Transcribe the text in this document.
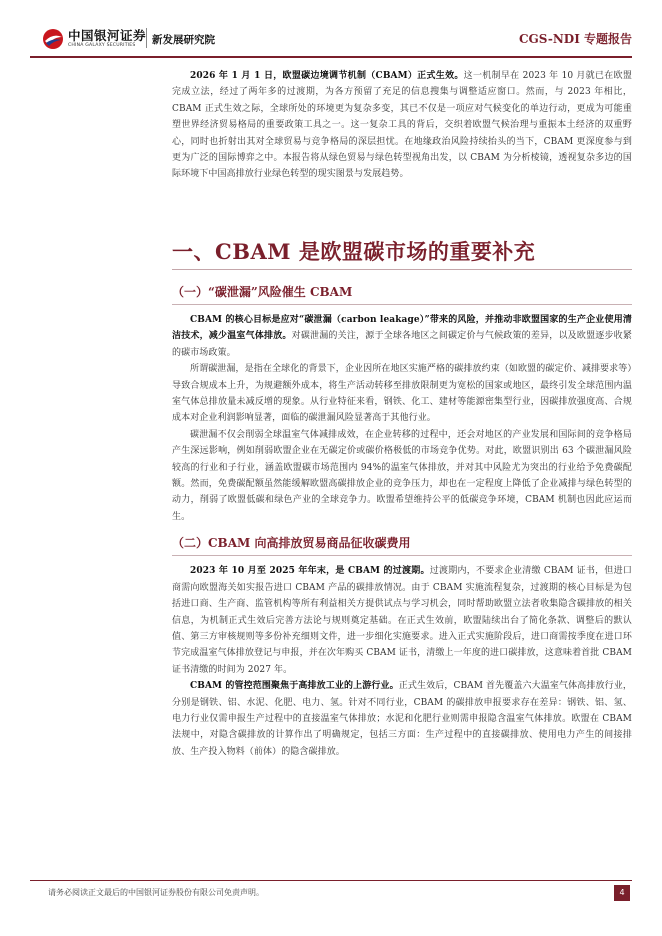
中国银河证券
CHINA GALAXY SECURITIES 新发展研究院	CGS-NDI 专题报告

2026 年 1 月 1 日，欧盟碳边境调节机制（CBAM）正式生效。这一机制早在 2023 年 10 月就已在欧盟完成立法，经过了两年多的过渡期，为各方预留了充足的信息搜集与调整适应窗口。然而，与 2023 年相比，CBAM 正式生效之际，全球所处的环境更为复杂多变，其已不仅是一项应对气候变化的单边行动，更成为可能重塑世界经济贸易格局的重要政策工具之一。这一复杂工具的背后，交织着欧盟气候治理与重振本土经济的双重野心，同时也折射出其对全球贸易与竞争格局的深层担忧。在地缘政治风险持续抬头的当下，CBAM 更深度参与到更为广泛的国际博弈之中。本报告将从绿色贸易与绿色转型视角出发，以 CBAM 为分析棱镜，透视复杂多边的国际环境下中国高排放行业绿色转型的现实图景与发展趋势。

一、CBAM 是欧盟碳市场的重要补充
（一）“碳泄漏”风险催生 CBAM

CBAM 的核心目标是应对“碳泄漏（carbon leakage）”带来的风险，并推动非欧盟国家的生产企业使用清洁技术，减少温室气体排放。对碳泄漏的关注，源于全球各地区之间碳定价与气候政策的差异，以及欧盟逐步收紧的碳市场政策。

所谓碳泄漏，是指在全球化的背景下，企业因所在地区实施严格的碳排放约束（如欧盟的碳定价、减排要求等）导致合规成本上升，为规避额外成本，将生产活动转移至排放限制更为宽松的国家或地区，最终引发全球范围内温室气体总排放量未减反增的现象。从行业特征来看，钢铁、化工、建材等能源密集型行业，因碳排放强度高、合规成本对企业利润影响显著，面临的碳泄漏风险显著高于其他行业。

碳泄漏不仅会削弱全球温室气体减排成效，在企业转移的过程中，还会对地区的产业发展和国际间的竞争格局产生深远影响，例如削弱欧盟企业在无碳定价或碳价格极低的市场竞争优势。对此，欧盟识别出 63 个碳泄漏风险较高的行业和子行业，涵盖欧盟碳市场范围内 94%的温室气体排放，并对其中风险尤为突出的行业给予免费碳配额。然而，免费碳配额虽然能缓解欧盟高碳排放企业的竞争压力，却也在一定程度上降低了企业减排与绿色转型的动力，削弱了欧盟低碳和绿色产业的全球竞争力。欧盟希望维持公平的低碳竞争环境，CBAM 机制也因此应运而生。

（二）CBAM 向高排放贸易商品征收碳费用

2023 年 10 月至 2025 年年末，是 CBAM 的过渡期。过渡期内，不要求企业清缴 CBAM 证书，但进口商需向欧盟海关如实报告进口 CBAM 产品的碳排放情况。由于 CBAM 实施流程复杂，过渡期的核心目标是为包括进口商、生产商、监管机构等所有利益相关方提供试点与学习机会，同时帮助欧盟立法者收集隐含碳排放的相关信息，为机制正式生效后完善方法论与规则奠定基础。在正式生效前，欧盟陆续出台了简化条款、调整后的默认值、第三方审核规则等多份补充细则文件，进一步细化实施要求。进入正式实施阶段后，进口商需按季度在进口环节完成温室气体排放登记与申报，并在次年购买 CBAM 证书，清缴上一年度的进口碳排放，这意味着首批 CBAM 证书清缴的时间为 2027 年。

CBAM 的管控范围聚焦于高排放工业的上游行业。正式生效后，CBAM 首先覆盖六大温室气体高排放行业，分别是钢铁、铝、水泥、化肥、电力、氢。针对不同行业，CBAM 的碳排放申报要求存在差异：钢铁、铝、氢、电力行业仅需申报生产过程中的直接温室气体排放；水泥和化肥行业则需申报隐含温室气体排放。欧盟在 CBAM 法规中，对隐含碳排放的计算作出了明确规定，包括三方面：生产过程中的直接碳排放、使用电力产生的间接排放、生产投入物料（前体）的隐含碳排放。

请务必阅读正文最后的中国银河证券股份有限公司免责声明。	4
